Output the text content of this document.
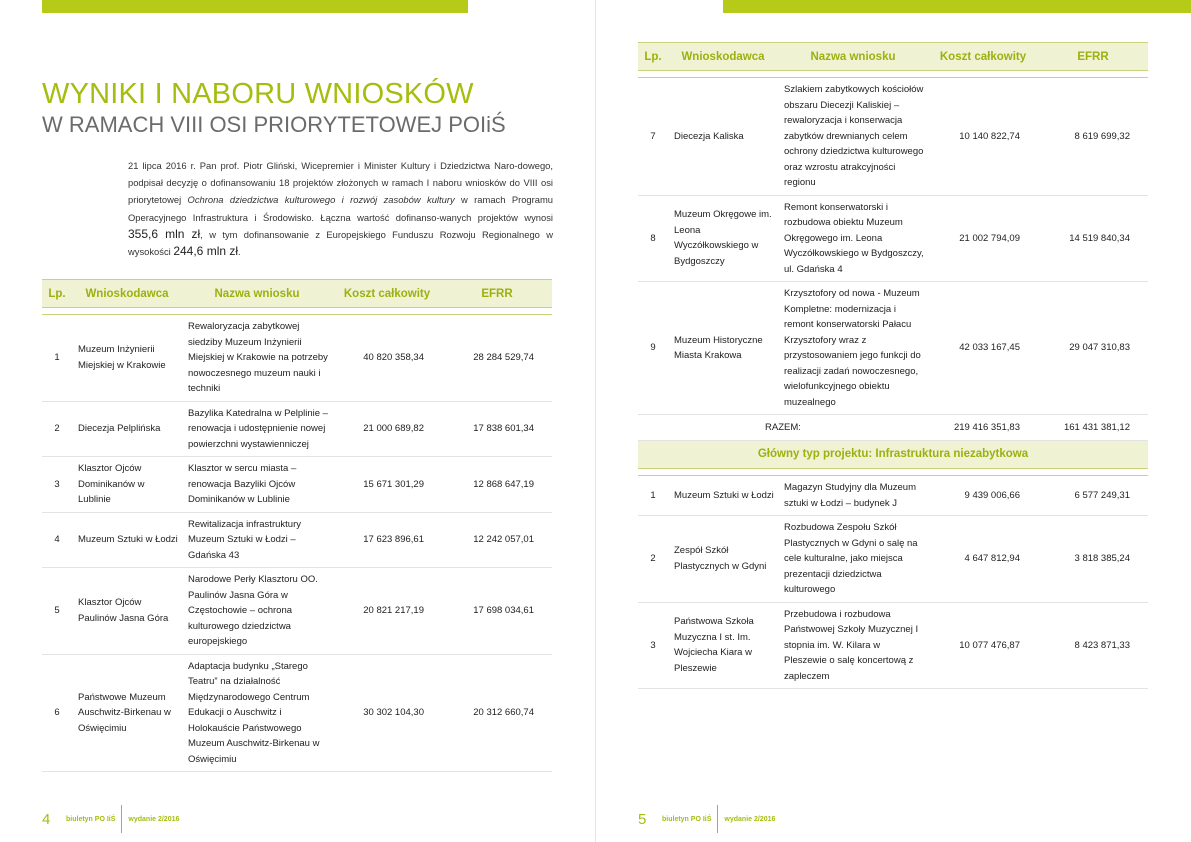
WYNIKI I NABORU WNIOSKÓW
W RAMACH VIII OSI PRIORYTETOWEJ POIiŚ

21 lipca 2016 r. Pan prof. Piotr Gliński, Wicepremier i Minister Kultury i Dziedzictwa Naro-dowego, podpisał decyzję o dofinansowaniu 18 projektów złożonych w ramach I naboru wniosków do VIII osi priorytetowej Ochrona dziedzictwa kulturowego i rozwój zasobów kultury w ramach Programu Operacyjnego Infrastruktura i Środowisko. Łączna wartość dofinanso-wanych projektów wynosi 355,6 mln zł, w tym dofinansowanie z Europejskiego Funduszu Rozwoju Regionalnego w wysokości 244,6 mln zł.

Lp.	Wnioskodawca	Nazwa wniosku	Koszt całkowity	EFRR

1	Muzeum Inżynierii Miejskiej w Krakowie	Rewaloryzacja zabytkowej siedziby Muzeum Inżynierii Miejskiej w Krakowie na potrzeby nowoczesnego muzeum nauki i techniki	40 820 358,34	28 284 529,74
2	Diecezja Pelplińska	Bazylika Katedralna w Pelplinie – renowacja i udostępnienie nowej powierzchni wystawienniczej	21 000 689,82	17 838 601,34
3	Klasztor Ojców Dominikanów w Lublinie	Klasztor w sercu miasta – renowacja Bazyliki Ojców Dominikanów w Lublinie	15 671 301,29	12 868 647,19
4	Muzeum Sztuki w Łodzi	Rewitalizacja infrastruktury Muzeum Sztuki w Łodzi – Gdańska 43	17 623 896,61	12 242 057,01
5	Klasztor Ojców Paulinów Jasna Góra	Narodowe Perły Klasztoru OO. Paulinów Jasna Góra w Częstochowie – ochrona kulturowego dziedzictwa europejskiego	20 821 217,19	17 698 034,61
6	Państwowe Muzeum Auschwitz-Birkenau w Oświęcimiu	Adaptacja budynku „Starego Teatru” na działalność Międzynarodowego Centrum Edukacji o Auschwitz i Holokauście Państwowego Muzeum Auschwitz-Birkenau w Oświęcimiu	30 302 104,30	20 312 660,74
4	biuletyn PO IiŚ wydanie 2/2016
Lp.	Wnioskodawca	Nazwa wniosku	Koszt całkowity	EFRR

7	Diecezja Kaliska	Szlakiem zabytkowych kościołów obszaru Diecezji Kaliskiej – rewaloryzacja i konserwacja zabytków drewnianych celem ochrony dziedzictwa kulturowego oraz wzrostu atrakcyjności regionu	10 140 822,74	8 619 699,32
8	Muzeum Okręgowe im. Leona Wyczółkowskiego w Bydgoszczy	Remont konserwatorski i rozbudowa obiektu Muzeum Okręgowego im. Leona Wyczółkowskiego w Bydgoszczy, ul. Gdańska 4	21 002 794,09	14 519 840,34
9	Muzeum Historyczne Miasta Krakowa	Krzysztofory od nowa - Muzeum Kompletne: modernizacja i remont konserwatorski Pałacu Krzysztofory wraz z przystosowaniem jego funkcji do realizacji zadań nowoczesnego, wielofunkcyjnego obiektu muzealnego	42 033 167,45	29 047 310,83
RAZEM:			219 416 351,83	161 431 381,12
Główny typ projektu: Infrastruktura niezabytkowa				

1	Muzeum Sztuki w Łodzi	Magazyn Studyjny dla Muzeum sztuki w Łodzi – budynek J	9 439 006,66	6 577 249,31
2	Zespół Szkół Plastycznych w Gdyni	Rozbudowa Zespołu Szkół Plastycznych w Gdyni o salę na cele kulturalne, jako miejsca prezentacji dziedzictwa kulturowego	4 647 812,94	3 818 385,24
3	Państwowa Szkoła Muzyczna I st. Im. Wojciecha Kiara w Pleszewie	Przebudowa i rozbudowa Państwowej Szkoły Muzycznej I stopnia im. W. Kilara w Pleszewie o salę koncertową z zapleczem	10 077 476,87	8 423 871,33
5	biuletyn PO IiŚ wydanie 2/2016
